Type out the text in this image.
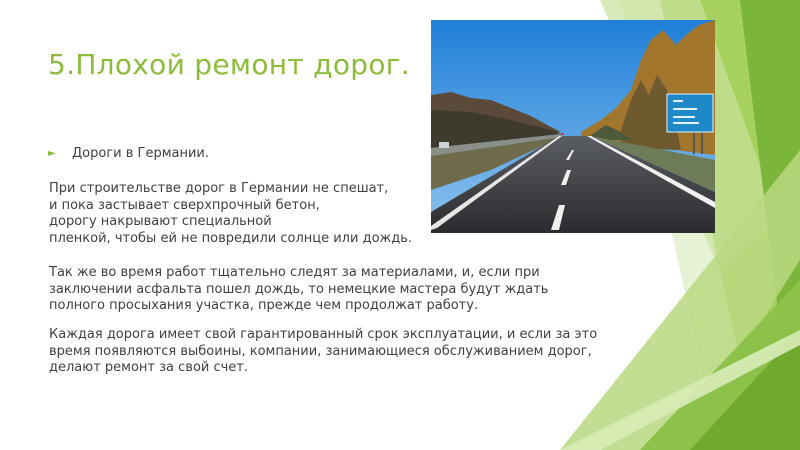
5.Плохой ремонт дорог.
►	Дороги в Германии.

При строительстве дорог в Германии не спешат,
и пока застывает сверхпрочный бетон,
дорогу накрывают специальной
пленкой, чтобы ей не повредили солнце или дождь.

Так же во время работ тщательно следят за материалами, и, если при
заключении асфальта пошел дождь, то немецкие мастера будут ждать
полного просыхания участка, прежде чем продолжат работу.

Каждая дорога имеет свой гарантированный срок эксплуатации, и если за это
время появляются выбоины, компании, занимающиеся обслуживанием дорог,
делают ремонт за свой счет.
